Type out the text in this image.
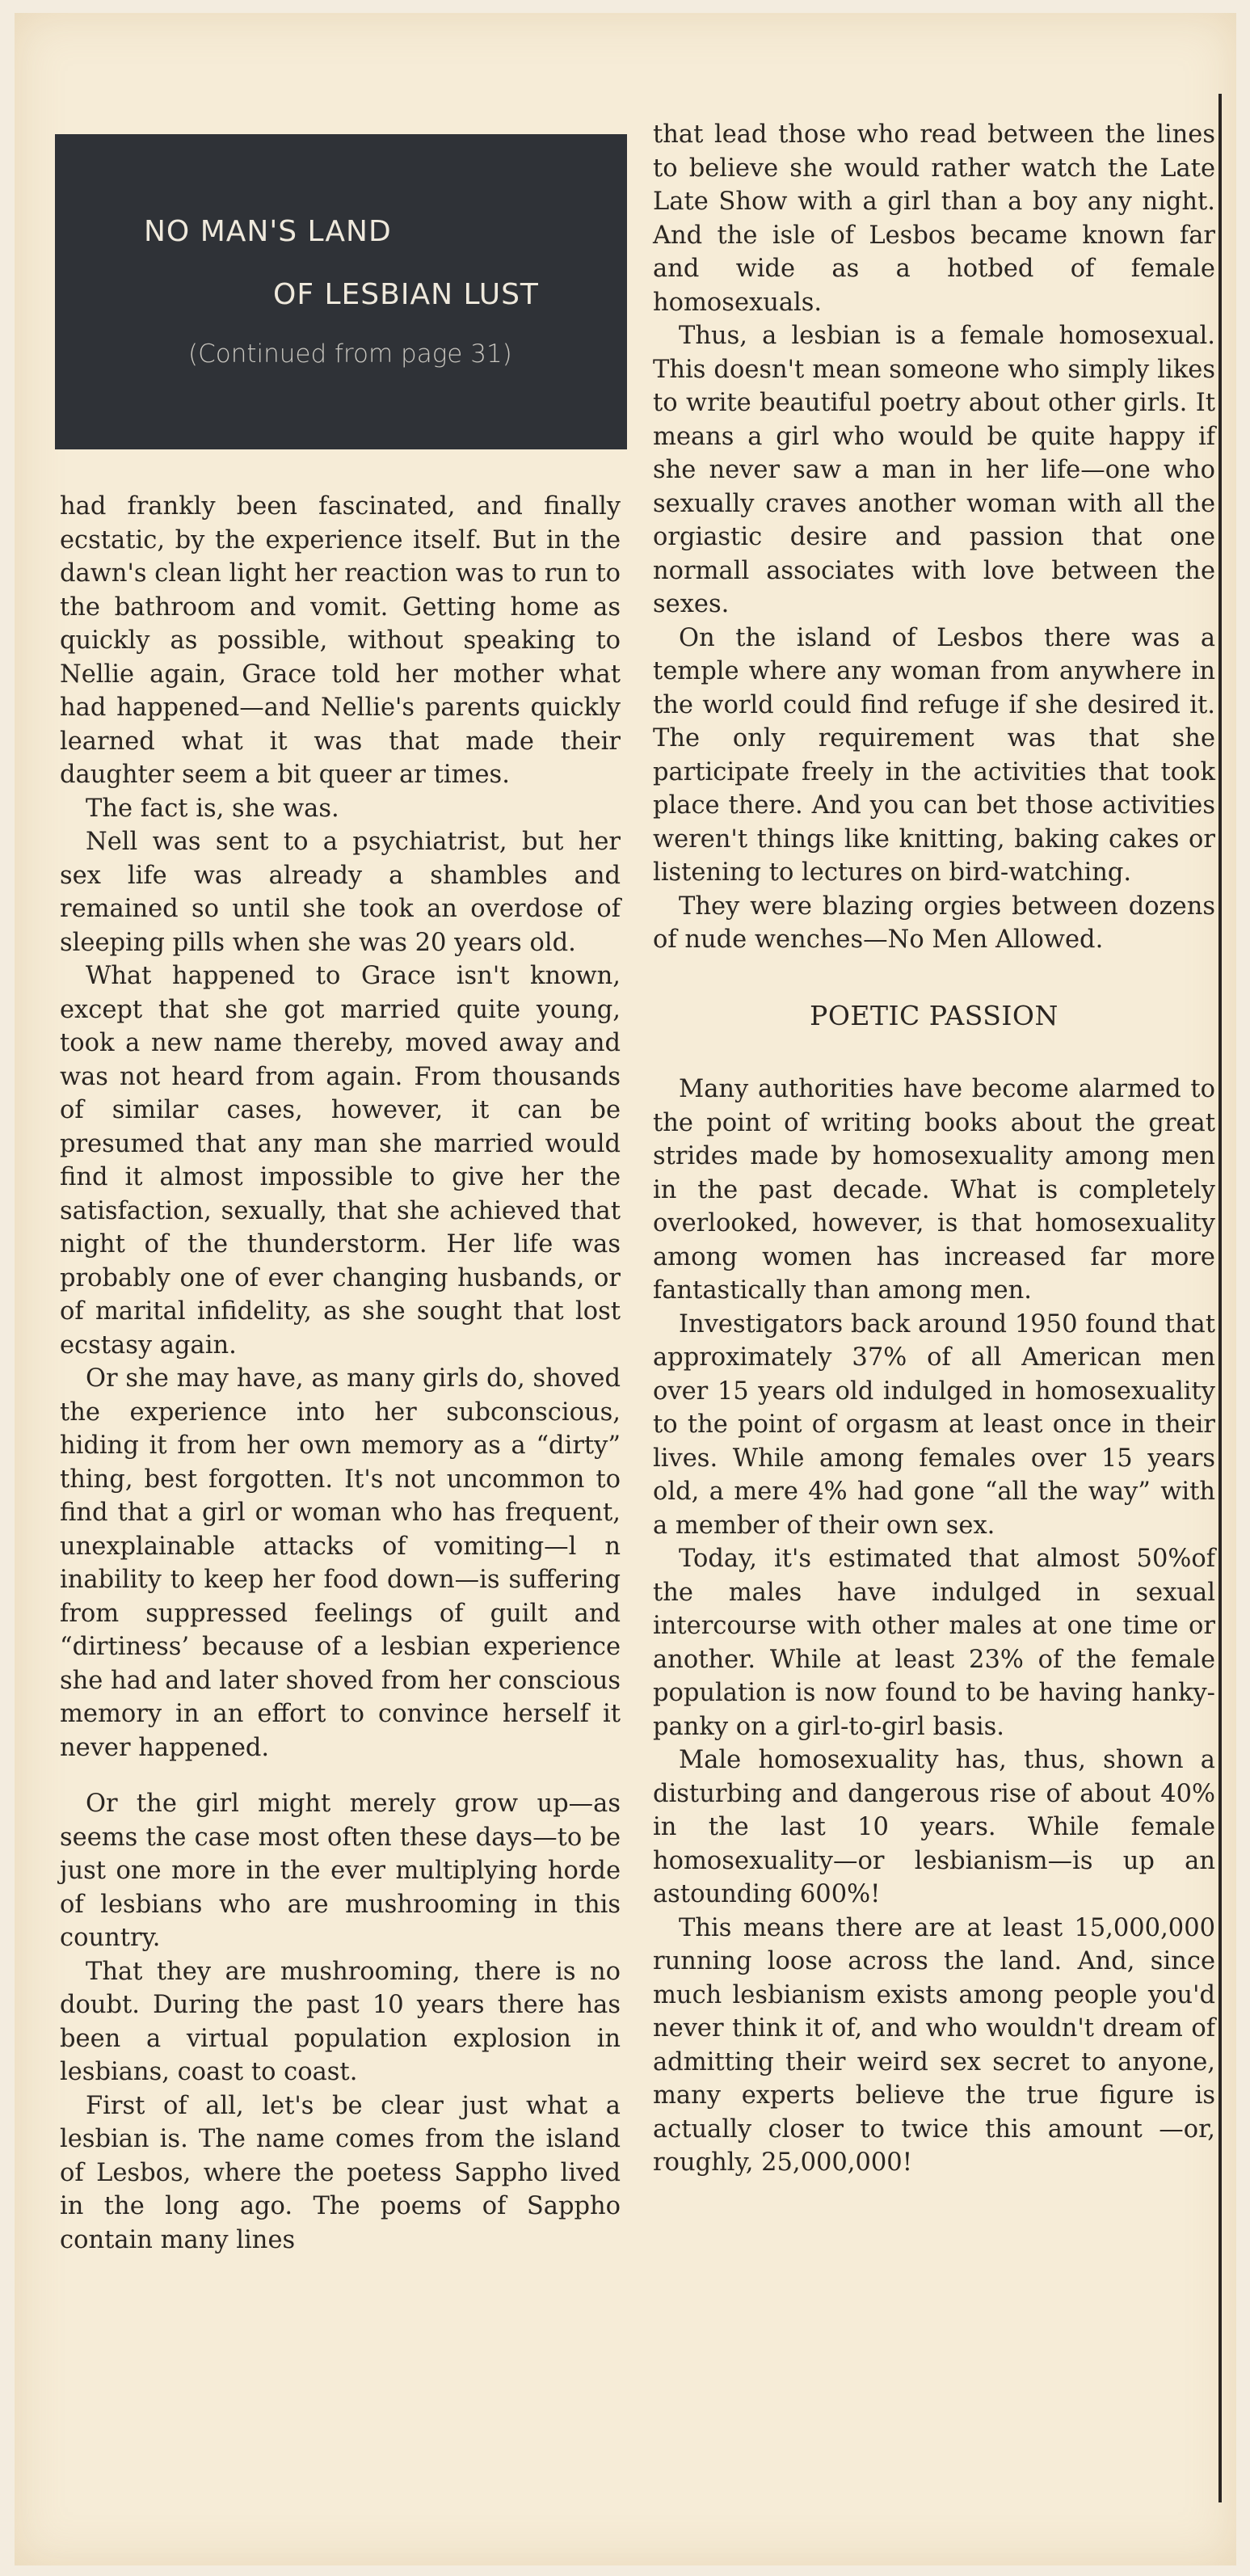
NO MAN'S LAND
OF LESBIAN LUST
(Continued from page 31)

had frankly been fascinated, and finally ecstatic, by the experience itself. But in the dawn's clean light her reaction was to run to the bathroom and vomit. Getting home as quickly as possible, without speaking to Nellie again, Grace told her mother what had happened—and Nellie's parents quickly learned what it was that made their daughter seem a bit queer ar times.

The fact is, she was.

Nell was sent to a psychiatrist, but her sex life was already a shambles and remained so until she took an overdose of sleeping pills when she was 20 years old.

What happened to Grace isn't known, except that she got married quite young, took a new name thereby, moved away and was not heard from again. From thousands of similar cases, however, it can be presumed that any man she married would find it almost impossible to give her the satisfaction, sexually, that she achieved that night of the thunderstorm. Her life was probably one of ever changing husbands, or of marital infidelity, as she sought that lost ecstasy again.

Or she may have, as many girls do, shoved the experience into her subconscious, hiding it from her own memory as a “dirty” thing, best forgotten. It's not uncommon to find that a girl or woman who has frequent, unexplainable attacks of vomiting—l n inability to keep her food down—is suffering from suppressed feelings of guilt and “dirtiness’ because of a lesbian experience she had and later shoved from her conscious memory in an effort to convince herself it never happened.

Or the girl might merely grow up—as seems the case most often these days—to be just one more in the ever multiplying horde of lesbians who are mushrooming in this country.

That they are mushrooming, there is no doubt. During the past 10 years there has been a virtual population explosion in lesbians, coast to coast.

First of all, let's be clear just what a lesbian is. The name comes from the island of Lesbos, where the poetess Sappho lived in the long ago. The poems of Sappho contain many lines

that lead those who read between the lines to believe she would rather watch the Late Late Show with a girl than a boy any night. And the isle of Lesbos became known far and wide as a hotbed of female homosexuals.

Thus, a lesbian is a female homosexual. This doesn't mean someone who simply likes to write beautiful poetry about other girls. It means a girl who would be quite happy if she never saw a man in her life—one who sexually craves another woman with all the orgiastic desire and passion that one normall associates with love between the sexes.

On the island of Lesbos there was a temple where any woman from anywhere in the world could find refuge if she desired it. The only requirement was that she participate freely in the activities that took place there. And you can bet those activities weren't things like knitting, baking cakes or listening to lectures on bird-watching.

They were blazing orgies between dozens of nude wenches—No Men Allowed.

POETIC PASSION

Many authorities have become alarmed to the point of writing books about the great strides made by homosexuality among men in the past decade. What is completely overlooked, however, is that homosexuality among women has increased far more fantastically than among men.

Investigators back around 1950 found that approximately 37% of all American men over 15 years old indulged in homosexuality to the point of orgasm at least once in their lives. While among females over 15 years old, a mere 4% had gone “all the way” with a member of their own sex.

Today, it's estimated that almost 50%of the males have indulged in sexual intercourse with other males at one time or another. While at least 23% of the female population is now found to be having hanky-panky on a girl-to-girl basis.

Male homosexuality has, thus, shown a disturbing and dangerous rise of about 40% in the last 10 years. While female homosexuality—or lesbianism—is up an astounding 600%!

This means there are at least 15,000,000 running loose across the land. And, since much lesbianism exists among people you'd never think it of, and who wouldn't dream of admitting their weird sex secret to anyone, many experts believe the true figure is actually closer to twice this amount —or, roughly, 25,000,000!
